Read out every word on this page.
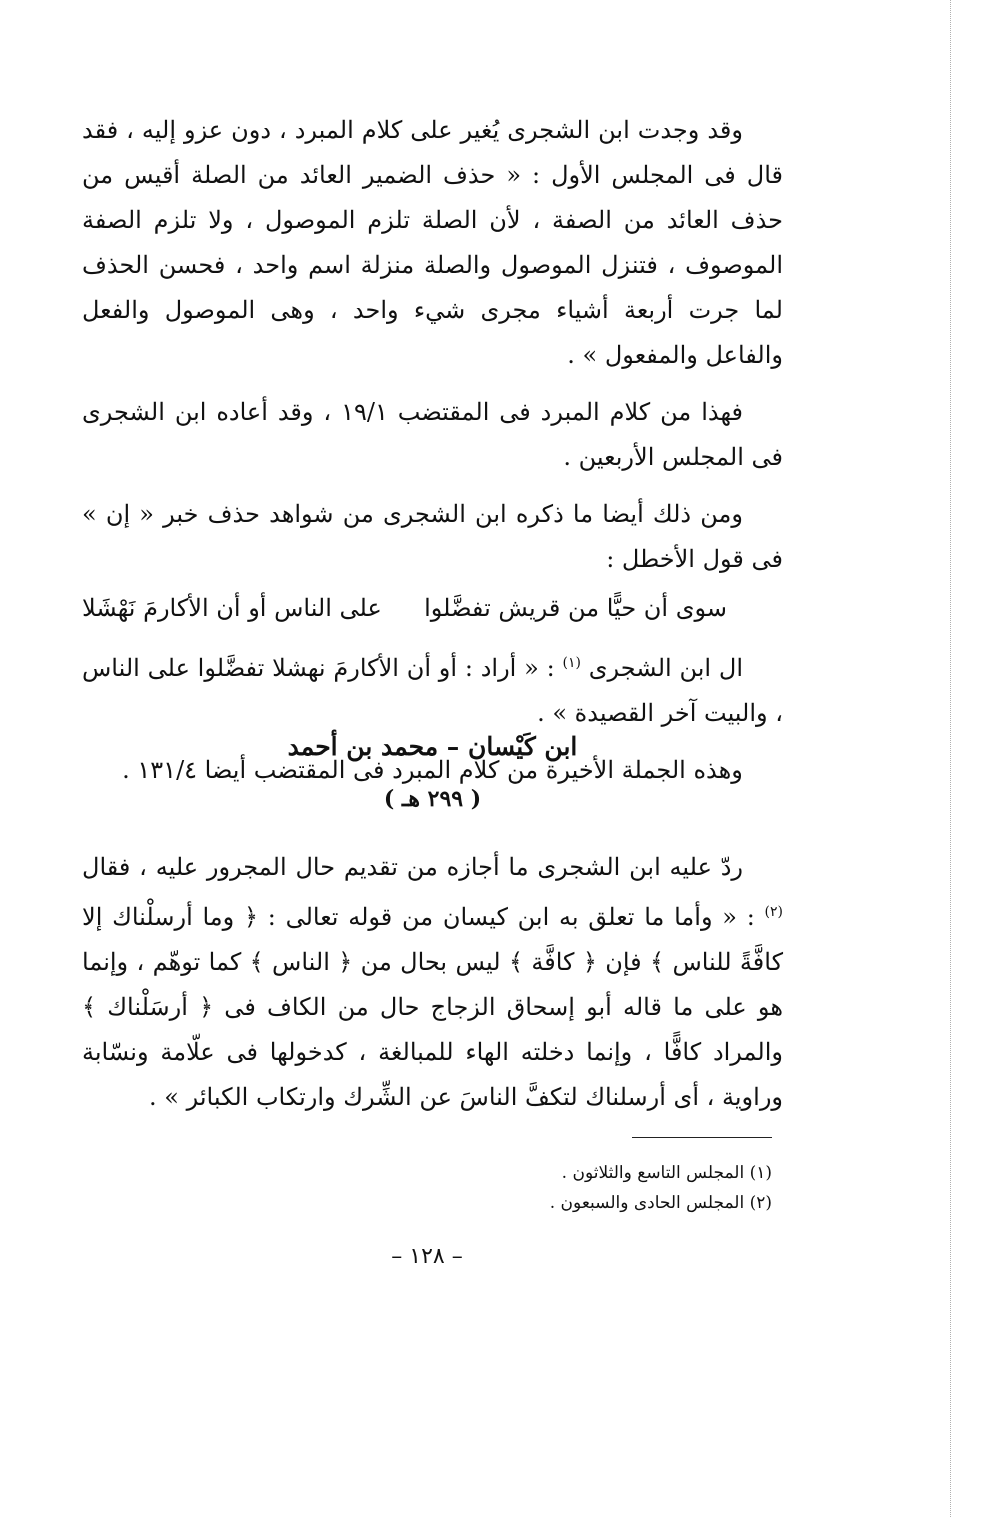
وقد وجدت ابن الشجرى يُغير على كلام المبرد ، دون عزو إليه ، فقد قال فى المجلس الأول : « حذف الضمير العائد من الصلة أقيس من حذف العائد من الصفة ، لأن الصلة تلزم الموصول ، ولا تلزم الصفة الموصوف ، فتنزل الموصول والصلة منزلة اسم واحد ، فحسن الحذف لما جرت أربعة أشياء مجرى شيء واحد ، وهى الموصول والفعل والفاعل والمفعول » .

فهذا من كلام المبرد فى المقتضب ١٩/١ ، وقد أعاده ابن الشجرى فى المجلس الأربعين .

ومن ذلك أيضا ما ذكره ابن الشجرى من شواهد حذف خبر « إن » فى قول الأخطل :

سوى أن حيًّا من قريش تفضَّلوا
على الناس أو أن الأكارمَ نَهْشَلا

ال ابن الشجرى $^{(١)}$ : « أراد : أو أن الأكارمَ نهشلا تفضَّلوا على الناس ، والبيت آخر القصيدة » .

وهذه الجملة الأخيرة من كلام المبرد فى المقتضب أيضا ١٣١/٤ .

ابن كَيْسان – محمد بن أحمد
( ٢٩٩ هـ )

ردّ عليه ابن الشجرى ما أجازه من تقديم حال المجرور عليه ، فقال $^{(٢)}$ : « وأما ما تعلق به ابن كيسان من قوله تعالى : ﴿ وما أرسلْناك إلا كافَّةً للناس ﴾ فإن ﴿ كافَّة ﴾ ليس بحال من ﴿ الناس ﴾ كما توهّم ، وإنما هو على ما قاله أبو إسحاق الزجاج حال من الكاف فى ﴿ أرسَلْناك ﴾ والمراد كافًّا ، وإنما دخلته الهاء للمبالغة ، كدخولها فى علّامة ونسّابة وراوية ، أى أرسلناك لتكفَّ الناسَ عن الشِّرك وارتكاب الكبائر » .

(١) المجلس التاسع والثلاثون .
(٢) المجلس الحادى والسبعون .
– ١٢٨ –
